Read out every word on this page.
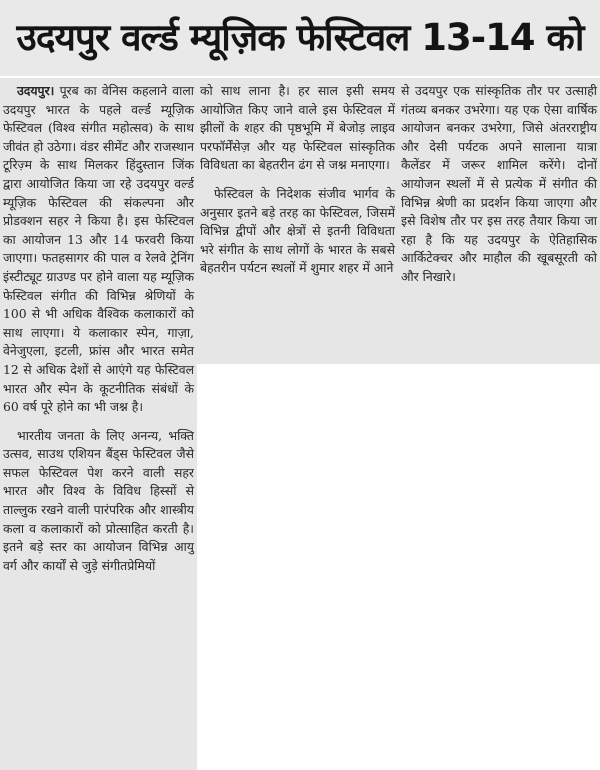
उदयपुर वर्ल्ड म्यूज़िक फेस्टिवल 13-14 को

उदयपुर। पूरब का वेनिस कहलाने वाला उदयपुर भारत के पहले वर्ल्ड म्यूज़िक फेस्टिवल (विश्व संगीत महोत्सव) के साथ जीवंत हो उठेगा। वंडर सीमेंट और राजस्थान टूरिज़्म के साथ मिलकर हिंदुस्तान जिंक द्वारा आयोजित किया जा रहे उदयपुर वर्ल्ड म्यूज़िक फेस्टिवल की संकल्पना और प्रोडक्शन सहर ने किया है। इस फेस्टिवल का आयोजन 13 और 14 फरवरी किया जाएगा। फतहसागर की पाल व रेलवे ट्रेनिंग इंस्टीट्यूट ग्राउण्ड पर होने वाला यह म्यूज़िक फेस्टिवल संगीत की विभिन्न श्रेणियों के 100 से भी अधिक वैश्विक कलाकारों को साथ लाएगा। ये कलाकार स्पेन, गाज़ा, वेनेजुएला, इटली, फ्रांस और भारत समेत 12 से अधिक देशों से आएंगे यह फेस्टिवल भारत और स्पेन के कूटनीतिक संबंधों के 60 वर्ष पूरे होने का भी जश्न है।

भारतीय जनता के लिए अनन्य, भक्ति उत्सव, साउथ एशियन बैंड्स फेस्टिवल जैसे सफल फेस्टिवल पेश करने वाली सहर भारत और विश्व के विविध हिस्सों से ताल्लुक रखने वाली पारंपरिक और शास्त्रीय कला व कलाकारों को प्रोत्साहित करती है। इतने बड़े स्तर का आयोजन विभिन्न आयु वर्ग और कार्यों से जुड़े संगीतप्रेमियों

को साथ लाना है। हर साल इसी समय आयोजित किए जाने वाले इस फेस्टिवल में झीलों के शहर की पृष्ठभूमि में बेजोड़ लाइव परफॉर्मेंसेज़ और यह फेस्टिवल सांस्कृतिक विविधता का बेहतरीन ढंग से जश्न मनाएगा।

फेस्टिवल के निदेशक संजीव भार्गव के अनुसार इतने बड़े तरह का फेस्टिवल, जिसमें विभिन्न द्वीपों और क्षेत्रों से इतनी विविधता भरे संगीत के साथ लोगों के भारत के सबसे बेहतरीन पर्यटन स्थलों में शुमार शहर में आने

से उदयपुर एक सांस्कृतिक तौर पर उत्साही गंतव्य बनकर उभरेगा। यह एक ऐसा वार्षिक आयोजन बनकर उभरेगा, जिसे अंतरराष्ट्रीय और देसी पर्यटक अपने सालाना यात्रा कैलेंडर में जरूर शामिल करेंगे। दोनों आयोजन स्थलों में से प्रत्येक में संगीत की विभिन्न श्रेणी का प्रदर्शन किया जाएगा और इसे विशेष तौर पर इस तरह तैयार किया जा रहा है कि यह उदयपुर के ऐतिहासिक आर्किटेक्चर और माहौल की खूबसूरती को और निखारे।
